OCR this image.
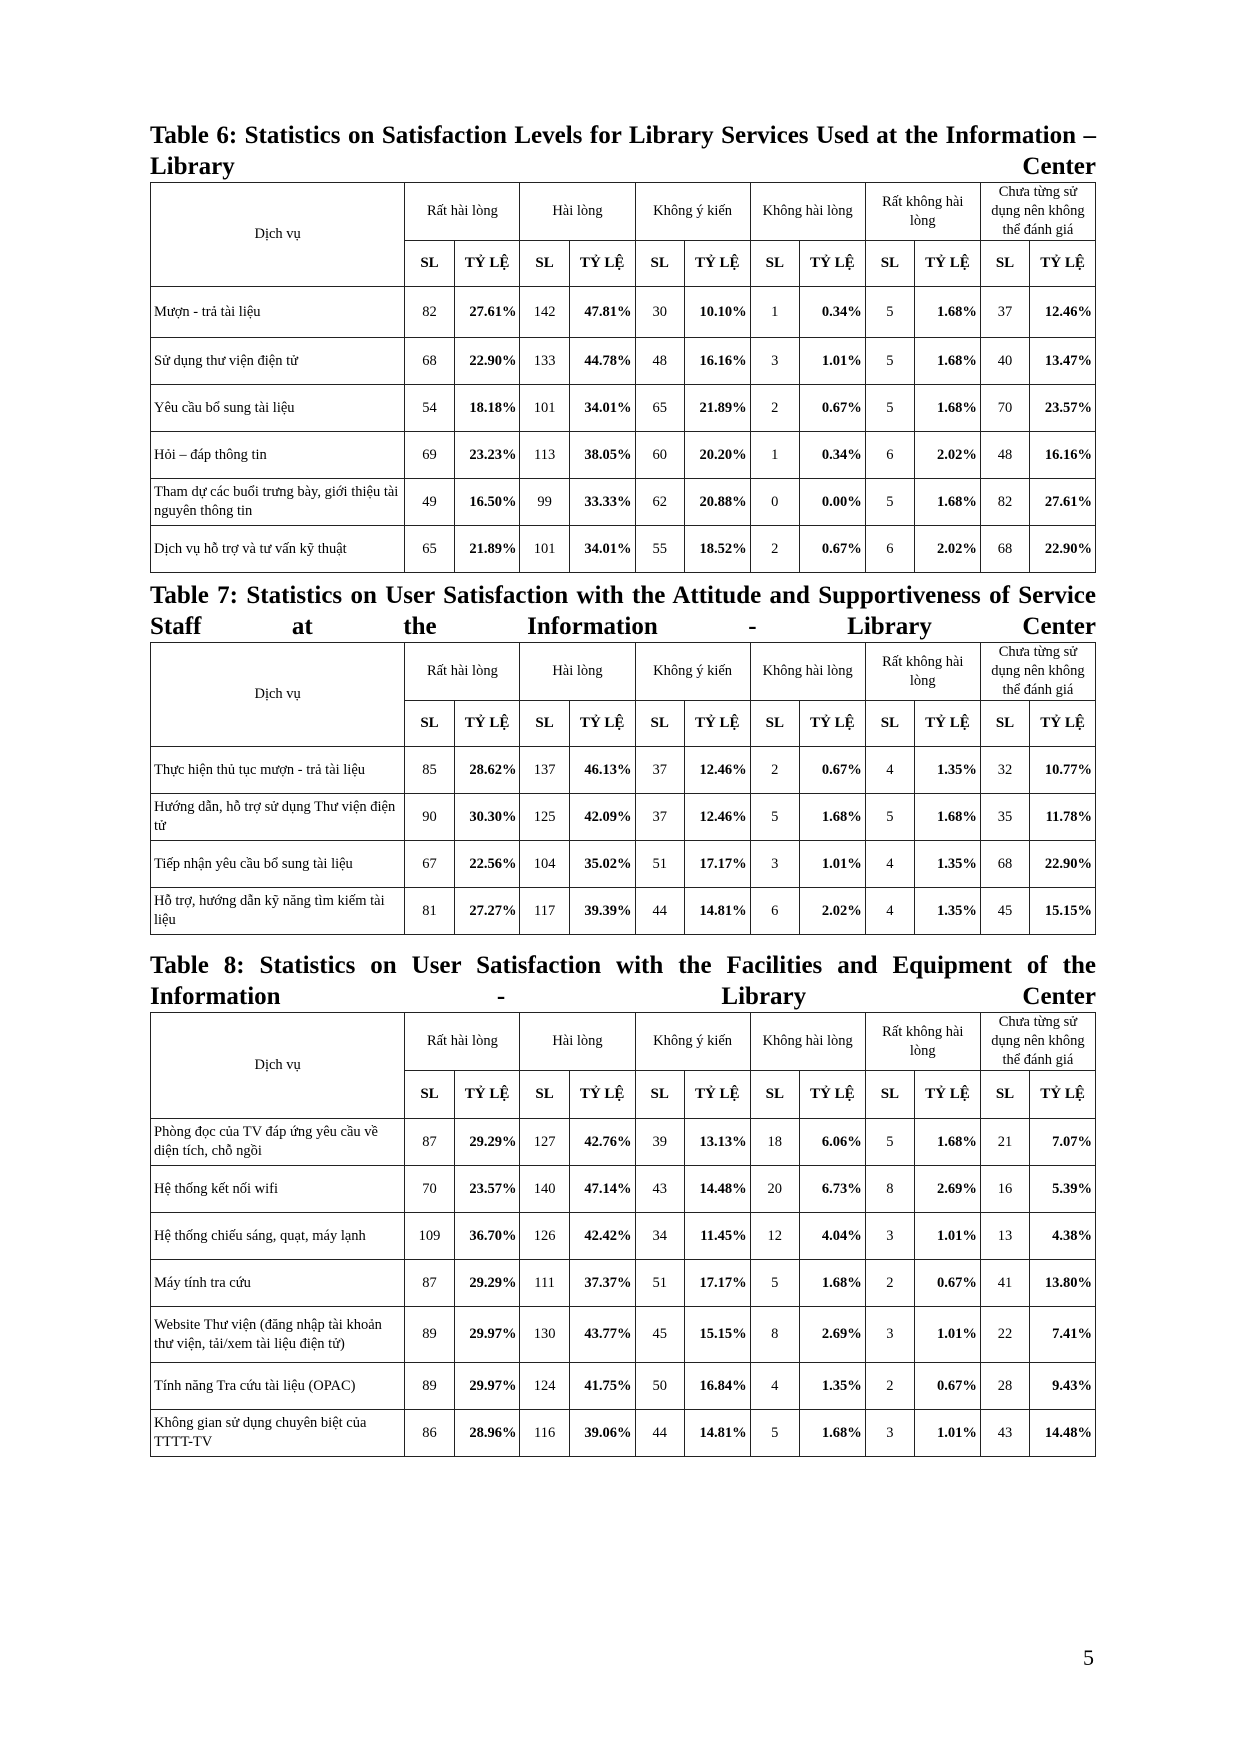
Table 6: Statistics on Satisfaction Levels for Library Services Used at the Information – Library Center

Dịch vụ	Rất hài lòng		Hài lòng		Không ý kiến		Không hài lòng		Rất không hài lòng		Chưa từng sử dụng nên không thể đánh giá	
	SL	TỶ LỆ	SL	TỶ LỆ	SL	TỶ LỆ	SL	TỶ LỆ	SL	TỶ LỆ	SL	TỶ LỆ
Mượn - trả tài liệu	82	27.61%	142	47.81%	30	10.10%	1	0.34%	5	1.68%	37	12.46%
Sử dụng thư viện điện tử	68	22.90%	133	44.78%	48	16.16%	3	1.01%	5	1.68%	40	13.47%
Yêu cầu bổ sung tài liệu	54	18.18%	101	34.01%	65	21.89%	2	0.67%	5	1.68%	70	23.57%
Hỏi – đáp thông tin	69	23.23%	113	38.05%	60	20.20%	1	0.34%	6	2.02%	48	16.16%
Tham dự các buổi trưng bày, giới thiệu tài nguyên thông tin	49	16.50%	99	33.33%	62	20.88%	0	0.00%	5	1.68%	82	27.61%
Dịch vụ hỗ trợ và tư vấn kỹ thuật	65	21.89%	101	34.01%	55	18.52%	2	0.67%	6	2.02%	68	22.90%

Table 7: Statistics on User Satisfaction with the Attitude and Supportiveness of Service Staff at the Information - Library Center

Dịch vụ	Rất hài lòng		Hài lòng		Không ý kiến		Không hài lòng		Rất không hài lòng		Chưa từng sử dụng nên không thể đánh giá	
	SL	TỶ LỆ	SL	TỶ LỆ	SL	TỶ LỆ	SL	TỶ LỆ	SL	TỶ LỆ	SL	TỶ LỆ
Thực hiện thủ tục mượn - trả tài liệu	85	28.62%	137	46.13%	37	12.46%	2	0.67%	4	1.35%	32	10.77%
Hướng dẫn, hỗ trợ sử dụng Thư viện điện tử	90	30.30%	125	42.09%	37	12.46%	5	1.68%	5	1.68%	35	11.78%
Tiếp nhận yêu cầu bổ sung tài liệu	67	22.56%	104	35.02%	51	17.17%	3	1.01%	4	1.35%	68	22.90%
Hỗ trợ, hướng dẫn kỹ năng tìm kiếm tài liệu	81	27.27%	117	39.39%	44	14.81%	6	2.02%	4	1.35%	45	15.15%

Table 8: Statistics on User Satisfaction with the Facilities and Equipment of the Information - Library Center

Dịch vụ	Rất hài lòng		Hài lòng		Không ý kiến		Không hài lòng		Rất không hài lòng		Chưa từng sử dụng nên không thể đánh giá	
	SL	TỶ LỆ	SL	TỶ LỆ	SL	TỶ LỆ	SL	TỶ LỆ	SL	TỶ LỆ	SL	TỶ LỆ
Phòng đọc của TV đáp ứng yêu cầu về diện tích, chỗ ngồi	87	29.29%	127	42.76%	39	13.13%	18	6.06%	5	1.68%	21	7.07%
Hệ thống kết nối wifi	70	23.57%	140	47.14%	43	14.48%	20	6.73%	8	2.69%	16	5.39%
Hệ thống chiếu sáng, quạt, máy lạnh	109	36.70%	126	42.42%	34	11.45%	12	4.04%	3	1.01%	13	4.38%
Máy tính tra cứu	87	29.29%	111	37.37%	51	17.17%	5	1.68%	2	0.67%	41	13.80%
Website Thư viện (đăng nhập tài khoản thư viện, tải/xem tài liệu điện tử)	89	29.97%	130	43.77%	45	15.15%	8	2.69%	3	1.01%	22	7.41%
Tính năng Tra cứu tài liệu (OPAC)	89	29.97%	124	41.75%	50	16.84%	4	1.35%	2	0.67%	28	9.43%
Không gian sử dụng chuyên biệt của TTTT-TV	86	28.96%	116	39.06%	44	14.81%	5	1.68%	3	1.01%	43	14.48%
5
